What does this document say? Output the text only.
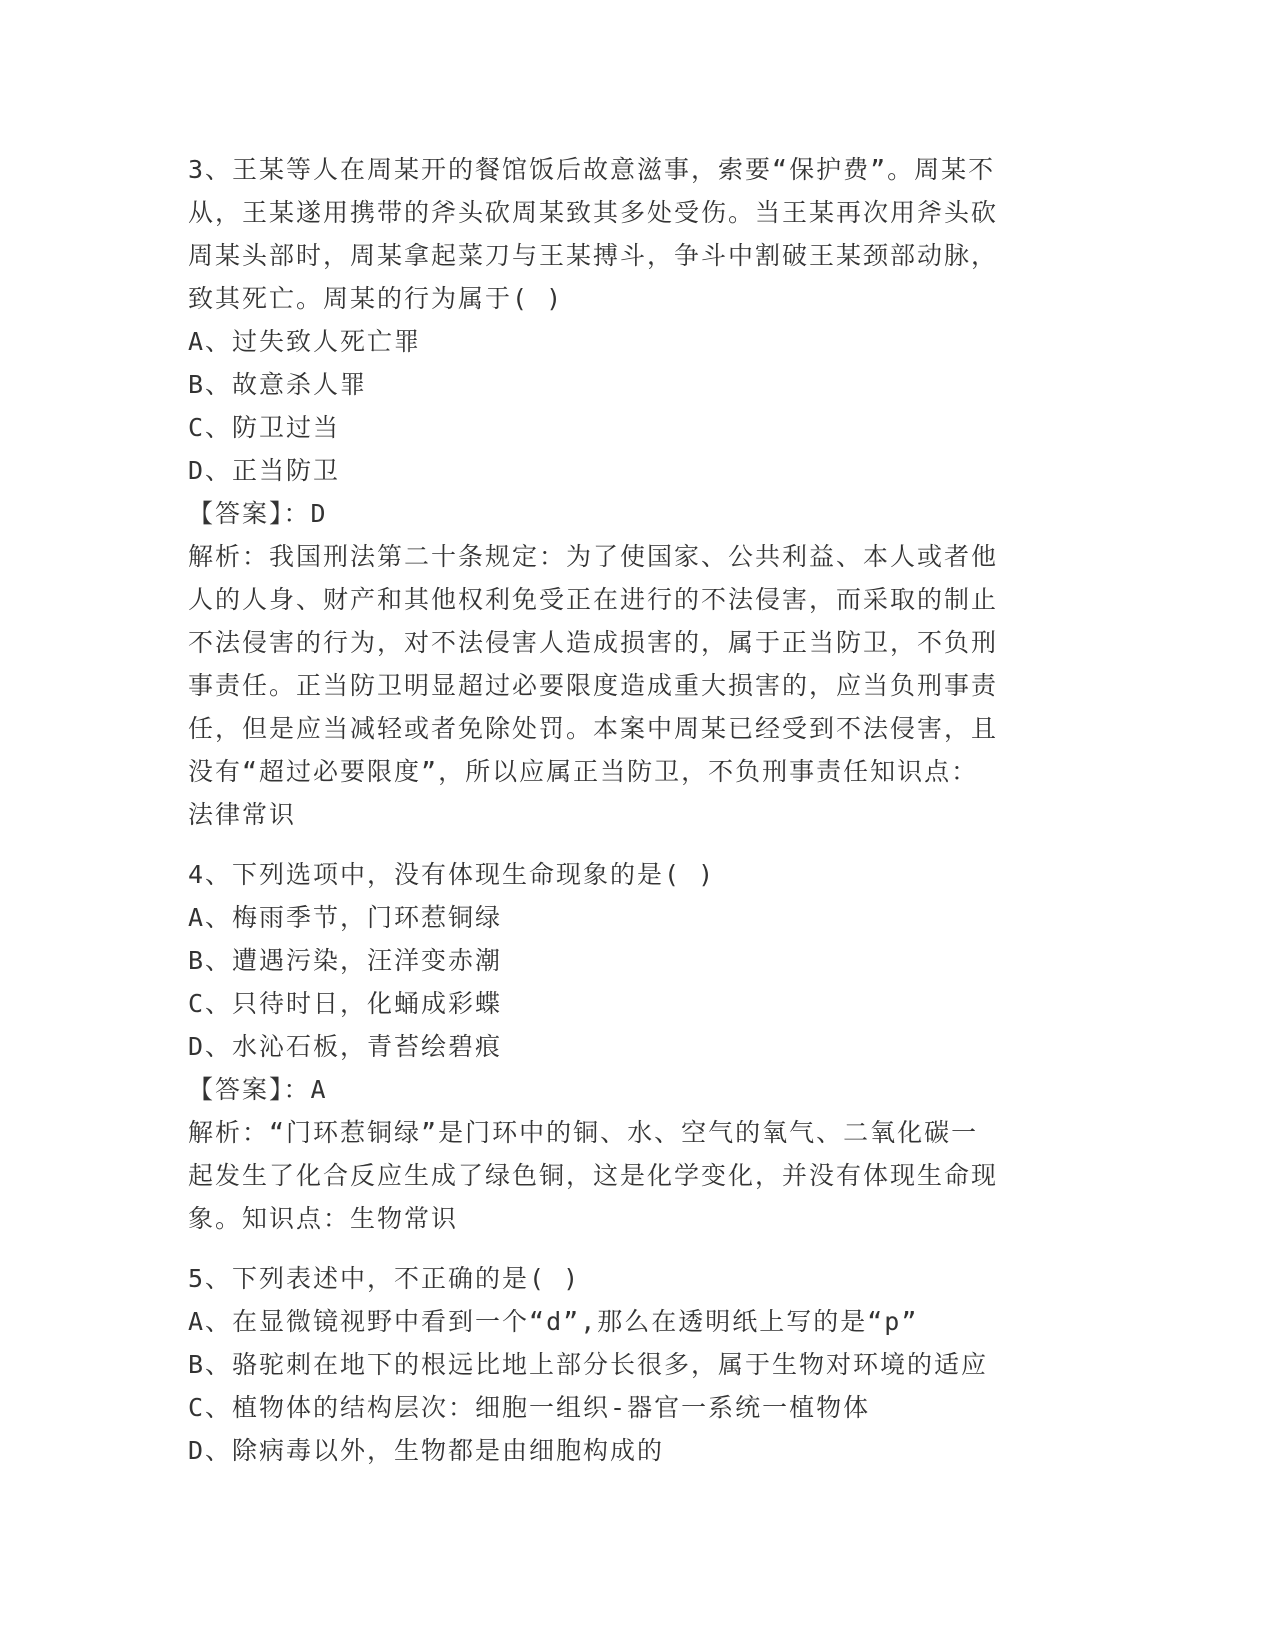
3、王某等人在周某开的餐馆饭后故意滋事，索要“保护费”。周某不
从，王某遂用携带的斧头砍周某致其多处受伤。当王某再次用斧头砍
周某头部时，周某拿起菜刀与王某搏斗，争斗中割破王某颈部动脉，
致其死亡。周某的行为属于( )
A、过失致人死亡罪
B、故意杀人罪
C、防卫过当
D、正当防卫
【答案】：D
解析：我国刑法第二十条规定：为了使国家、公共利益、本人或者他
人的人身、财产和其他权利免受正在进行的不法侵害，而采取的制止
不法侵害的行为，对不法侵害人造成损害的，属于正当防卫，不负刑
事责任。正当防卫明显超过必要限度造成重大损害的，应当负刑事责
任，但是应当减轻或者免除处罚。本案中周某已经受到不法侵害，且
没有“超过必要限度”，所以应属正当防卫，不负刑事责任知识点：
法律常识
4、下列选项中，没有体现生命现象的是( )
A、梅雨季节，门环惹铜绿
B、遭遇污染，汪洋变赤潮
C、只待时日，化蛹成彩蝶
D、水沁石板，青苔绘碧痕
【答案】：A
解析：“门环惹铜绿”是门环中的铜、水、空气的氧气、二氧化碳一
起发生了化合反应生成了绿色铜，这是化学变化，并没有体现生命现
象。知识点：生物常识
5、下列表述中，不正确的是( )
A、在显微镜视野中看到一个“d”,那么在透明纸上写的是“p”
B、骆驼刺在地下的根远比地上部分长很多，属于生物对环境的适应
C、植物体的结构层次：细胞一组织-器官一系统一植物体
D、除病毒以外，生物都是由细胞构成的
